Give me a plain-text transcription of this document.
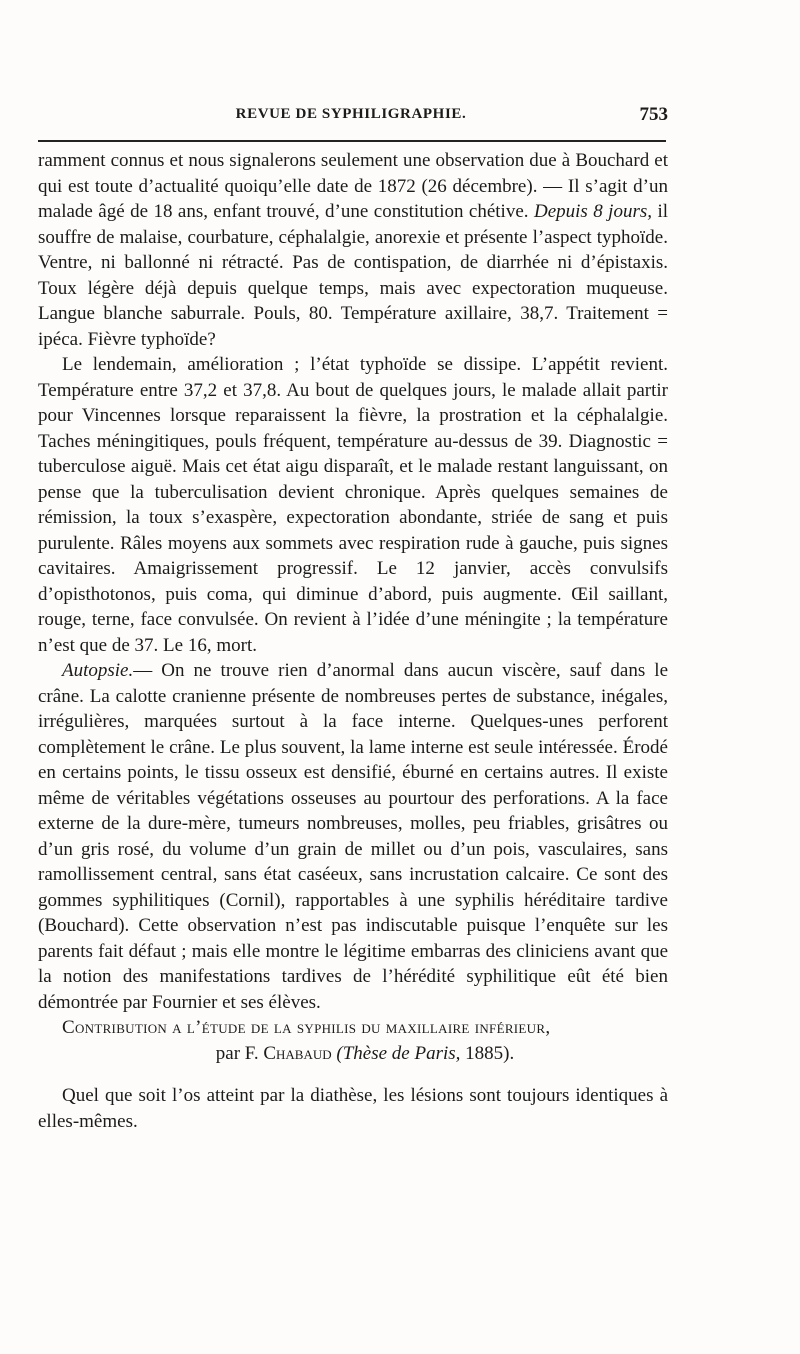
REVUE DE SYPHILIGRAPHIE.	753

ramment connus et nous signalerons seulement une observation due à Bouchard et qui est toute d’actualité quoiqu’elle date de 1872 (26 décembre). — Il s’agit d’un malade âgé de 18 ans, enfant trouvé, d’une constitution chétive. Depuis 8 jours, il souffre de malaise, courbature, céphalalgie, anorexie et présente l’aspect typhoïde. Ventre, ni ballonné ni rétracté. Pas de contispation, de diarrhée ni d’épistaxis. Toux légère déjà depuis quelque temps, mais avec expectoration muqueuse. Langue blanche saburrale. Pouls, 80. Température axillaire, 38,7. Traitement = ipéca. Fièvre typhoïde?

Le lendemain, amélioration ; l’état typhoïde se dissipe. L’appétit revient. Température entre 37,2 et 37,8. Au bout de quelques jours, le malade allait partir pour Vincennes lorsque reparaissent la fièvre, la prostration et la céphalalgie. Taches méningitiques, pouls fréquent, température au-dessus de 39. Diagnostic = tuberculose aiguë. Mais cet état aigu disparaît, et le malade restant languissant, on pense que la tuberculisation devient chronique. Après quelques semaines de rémission, la toux s’exaspère, expectoration abondante, striée de sang et puis purulente. Râles moyens aux sommets avec respiration rude à gauche, puis signes cavitaires. Amaigrissement progressif. Le 12 janvier, accès convulsifs d’opisthotonos, puis coma, qui diminue d’abord, puis augmente. Œil saillant, rouge, terne, face convulsée. On revient à l’idée d’une méningite ; la température n’est que de 37. Le 16, mort.

Autopsie.— On ne trouve rien d’anormal dans aucun viscère, sauf dans le crâne. La calotte cranienne présente de nombreuses pertes de substance, inégales, irrégulières, marquées surtout à la face interne. Quelques-unes perforent complètement le crâne. Le plus souvent, la lame interne est seule intéressée. Érodé en certains points, le tissu osseux est densifié, éburné en certains autres. Il existe même de véritables végétations osseuses au pourtour des perforations. A la face externe de la dure-mère, tumeurs nombreuses, molles, peu friables, grisâtres ou d’un gris rosé, du volume d’un grain de millet ou d’un pois, vasculaires, sans ramollissement central, sans état caséeux, sans incrustation calcaire. Ce sont des gommes syphilitiques (Cornil), rapportables à une syphilis héréditaire tardive (Bouchard). Cette observation n’est pas indiscutable puisque l’enquête sur les parents fait défaut ; mais elle montre le légitime embarras des cliniciens avant que la notion des manifestations tardives de l’hérédité syphilitique eût été bien démontrée par Fournier et ses élèves.

Contribution a l’étude de la syphilis du maxillaire inférieur,

par F. Chabaud (Thèse de Paris, 1885).

Quel que soit l’os atteint par la diathèse, les lésions sont toujours identiques à elles-mêmes.
